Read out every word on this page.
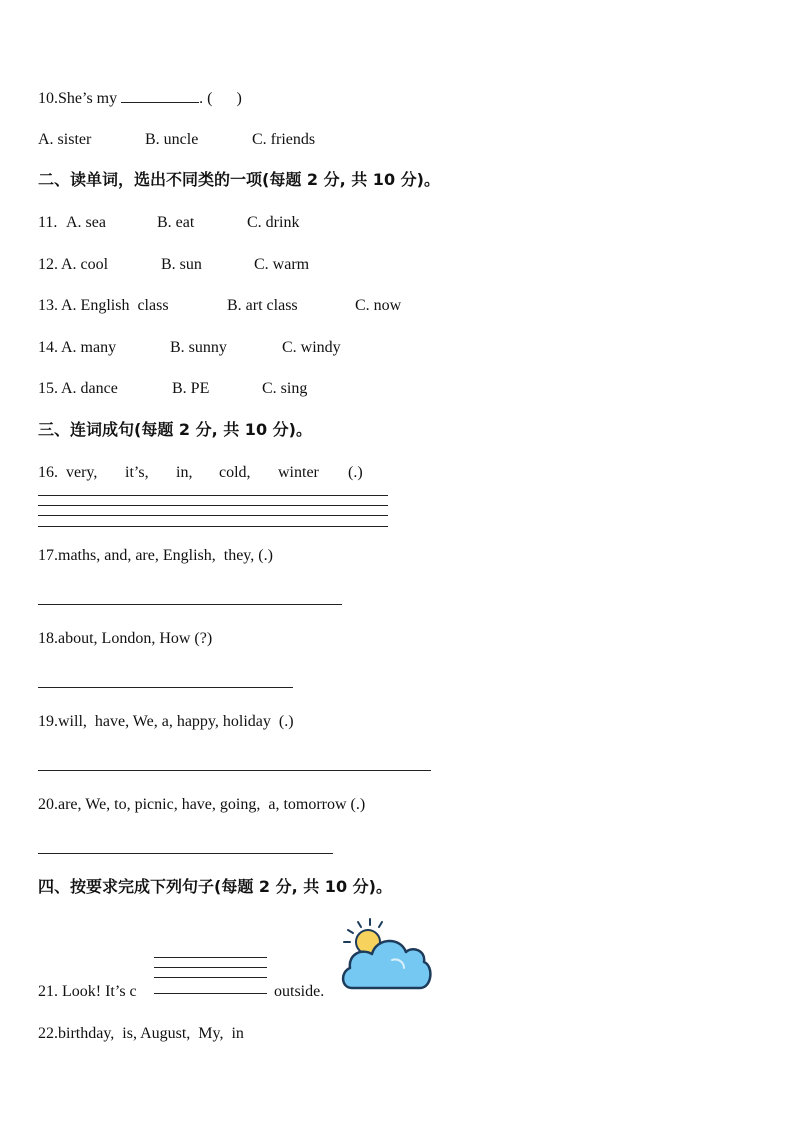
10.She’s my	. (      )
A. sister	B. uncle	C. friends
二、读单词，选出不同类的一项(每题 2 分, 共 10 分)。
11. A. sea	B. eat	C. drink
12. A. cool	B. sun	C. warm
13. A. English  class	B. art class	C. now
14. A. many	B. sunny	C. windy
15. A. dance	B. PE	C. sing
三、连词成句(每题 2 分, 共 10 分)。
16. very, it’s, in, cold, winter (.)
17.maths, and, are, English,  they, (.)
18.about, London, How (?)
19.will,  have, We, a, happy, holiday  (.)
20.are, We, to, picnic, have, going,  a, tomorrow (.)
四、按要求完成下列句子(每题 2 分, 共 10 分)。
21. Look! It’s c	outside.
22.birthday,  is, August,  My,  in
